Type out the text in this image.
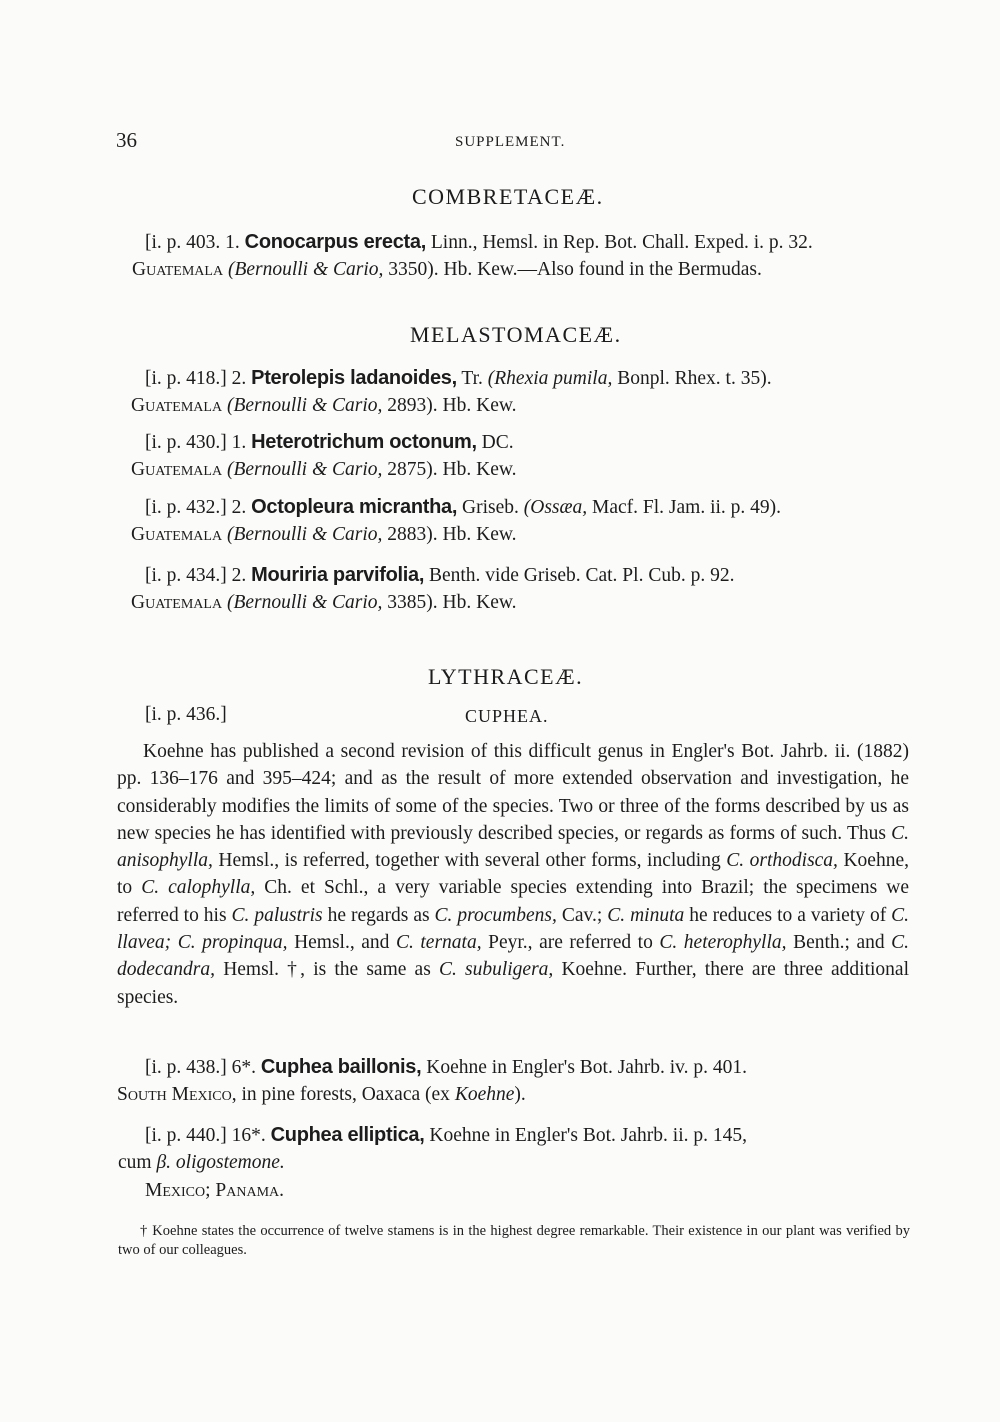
36	SUPPLEMENT.
COMBRETACEÆ.
[i. p. 403. 1. Conocarpus erecta, Linn., Hemsl. in Rep. Bot. Chall. Exped. i. p. 32.
Guatemala (Bernoulli & Cario, 3350). Hb. Kew.—Also found in the Bermudas.
MELASTOMACEÆ.
[i. p. 418.] 2. Pterolepis ladanoides, Tr. (Rhexia pumila, Bonpl. Rhex. t. 35).
Guatemala (Bernoulli & Cario, 2893). Hb. Kew.
[i. p. 430.] 1. Heterotrichum octonum, DC.
Guatemala (Bernoulli & Cario, 2875). Hb. Kew.
[i. p. 432.] 2. Octopleura micrantha, Griseb. (Ossæa, Macf. Fl. Jam. ii. p. 49).
Guatemala (Bernoulli & Cario, 2883). Hb. Kew.
[i. p. 434.] 2. Mouriria parvifolia, Benth. vide Griseb. Cat. Pl. Cub. p. 92.
Guatemala (Bernoulli & Cario, 3385). Hb. Kew.
LYTHRACEÆ.
[i. p. 436.]	CUPHEA.

Koehne has published a second revision of this difficult genus in Engler's Bot. Jahrb. ii. (1882) pp. 136–176 and 395–424; and as the result of more extended observation and investigation, he considerably modifies the limits of some of the species. Two or three of the forms described by us as new species he has identified with previously described species, or regards as forms of such. Thus C. anisophylla, Hemsl., is referred, together with several other forms, including C. orthodisca, Koehne, to C. calophylla, Ch. et Schl., a very variable species extending into Brazil; the specimens we referred to his C. palustris he regards as C. procumbens, Cav.; C. minuta he reduces to a variety of C. llavea; C. propinqua, Hemsl., and C. ternata, Peyr., are referred to C. heterophylla, Benth.; and C. dodecandra, Hemsl. †, is the same as C. subuligera, Koehne. Further, there are three additional species.

[i. p. 438.] 6*. Cuphea baillonis, Koehne in Engler's Bot. Jahrb. iv. p. 401.
South Mexico, in pine forests, Oaxaca (ex Koehne).
[i. p. 440.] 16*. Cuphea elliptica, Koehne in Engler's Bot. Jahrb. ii. p. 145,
cum β. oligostemone.
Mexico; Panama.

† Koehne states the occurrence of twelve stamens is in the highest degree remarkable. Their existence in our plant was verified by two of our colleagues.
